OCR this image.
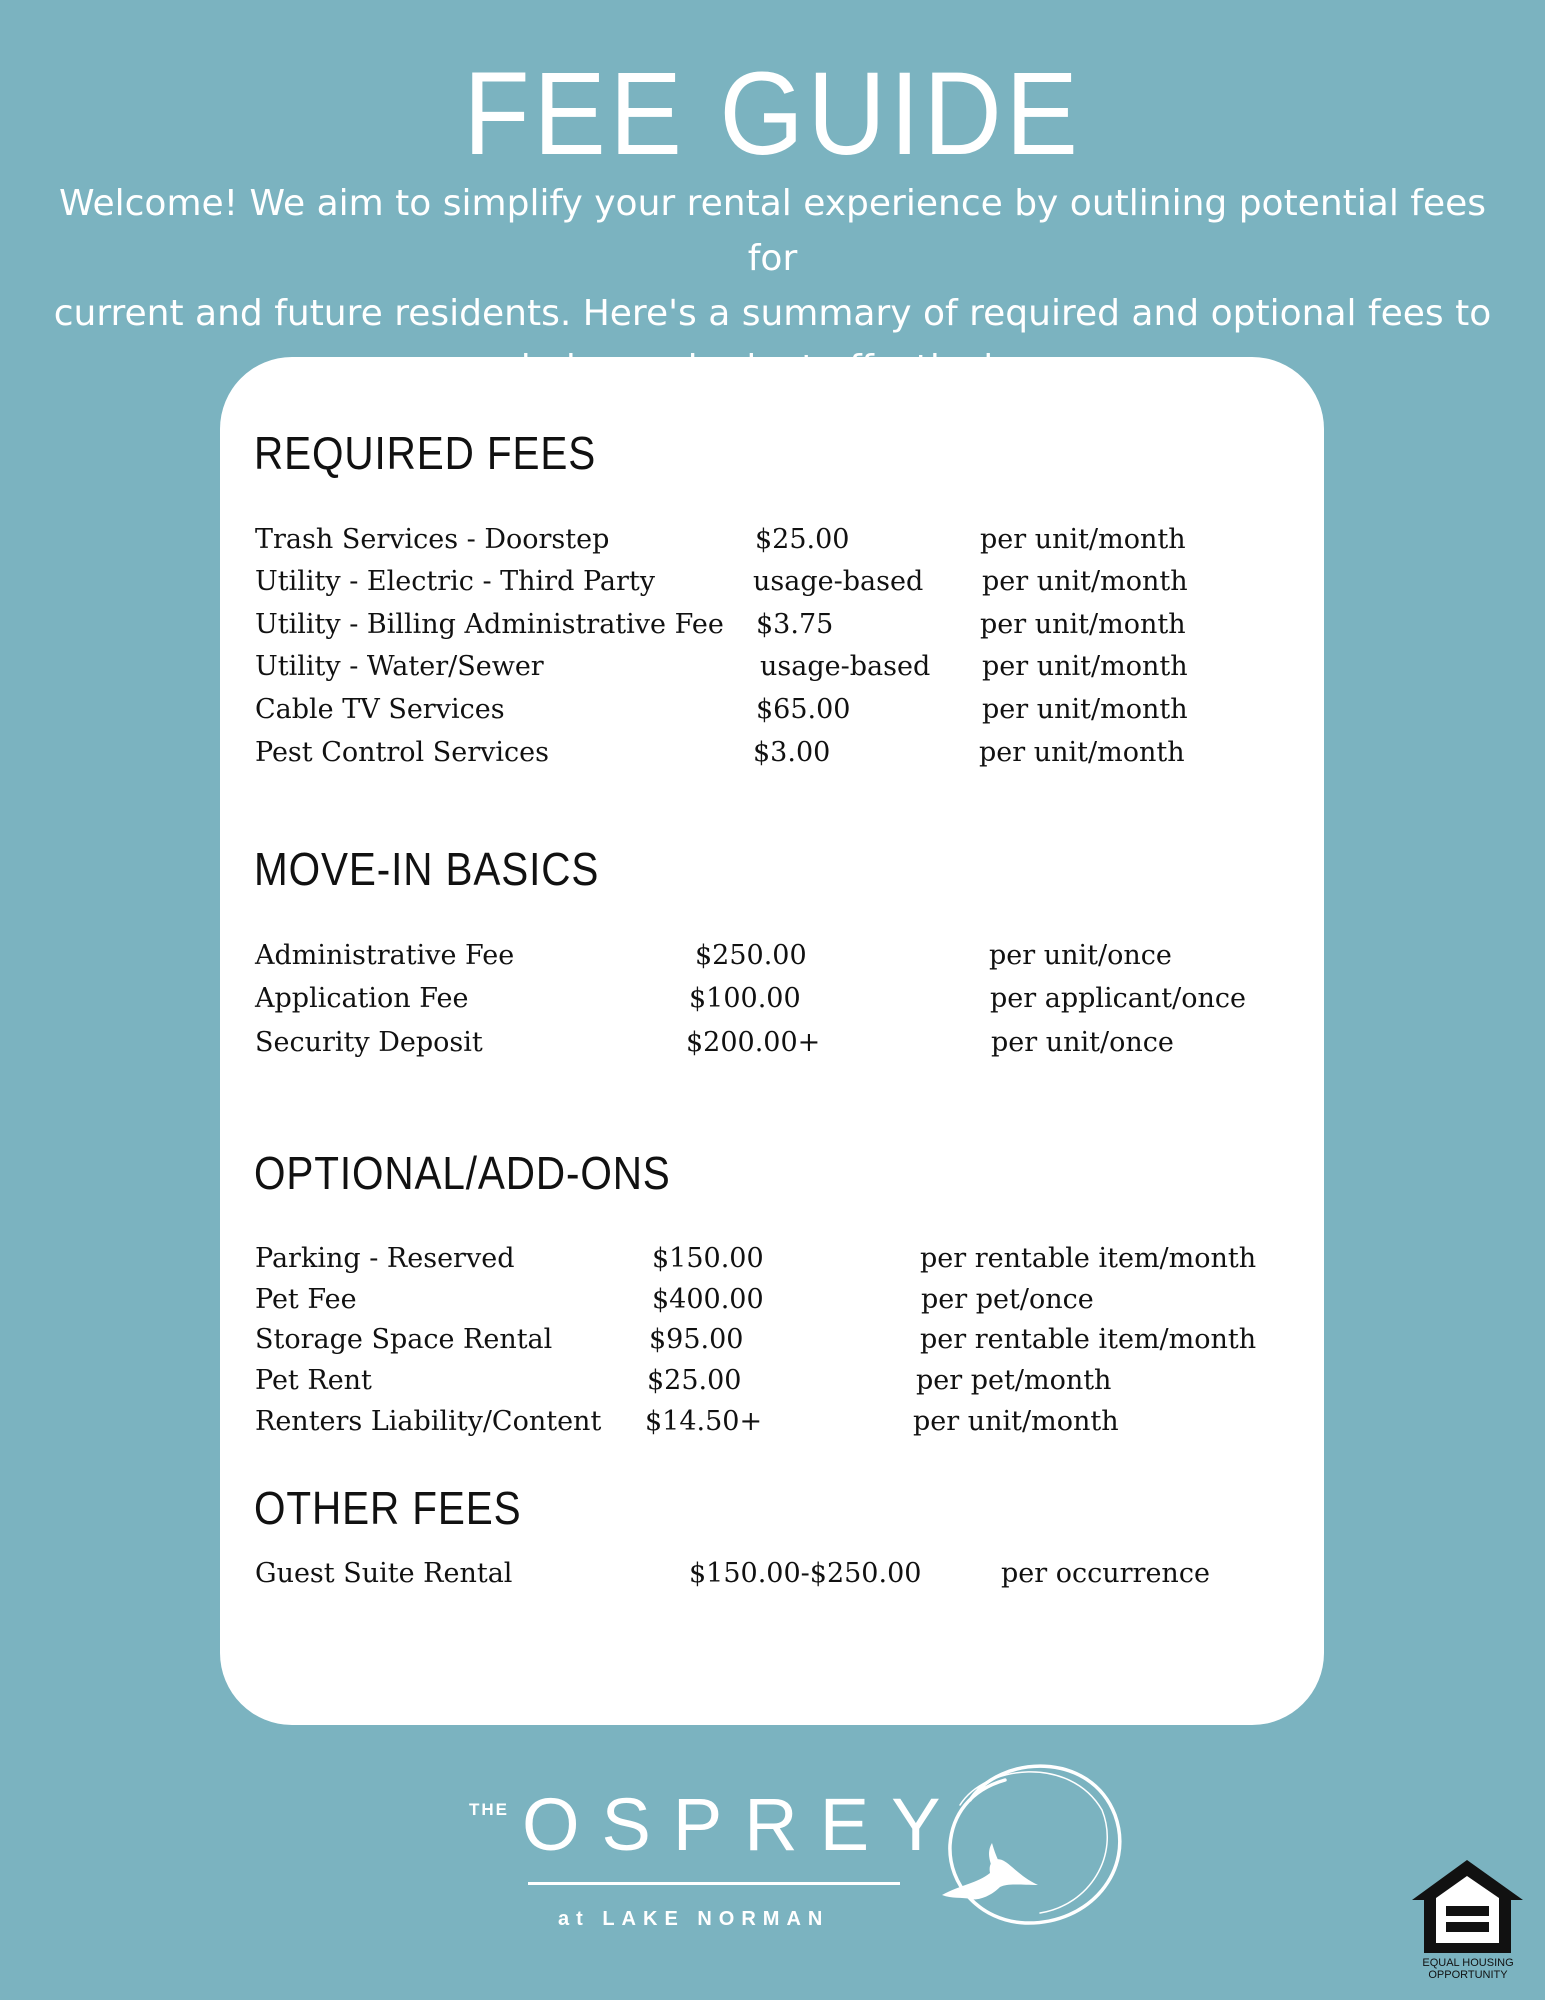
FEE GUIDE
Welcome! We aim to simplify your rental experience by outlining potential fees for
current and future residents. Here's a summary of required and optional fees to
REQUIRED FEES
Trash Services - Doorstep	$25.00	per unit/month
Utility - Electric - Third Party	usage-based per unit/month
Utility - Billing Administrative Fee $3.75	per unit/month
Utility - Water/Sewer	usage-based per unit/month
Cable TV Services	$65.00	per unit/month
Pest Control Services	$3.00	per unit/month
MOVE-IN BASICS
Administrative Fee	$250.00	per unit/once
Application Fee	$100.00	per applicant/once
Security Deposit	$200.00+	per unit/once
OPTIONAL/ADD-ONS
Parking - Reserved	$150.00	per rentable item/month
Pet Fee	$400.00	per pet/once
Storage Space Rental	$95.00	per rentable item/month
Pet Rent	$25.00	per pet/month
Renters Liability/Content $14.50+	per unit/month
OTHER FEES
Guest Suite Rental	$150.00-$250.00	per occurrence
THE OSPREY
at LAKE NORMAN
EQUAL HOUSING
OPPORTUNITY
